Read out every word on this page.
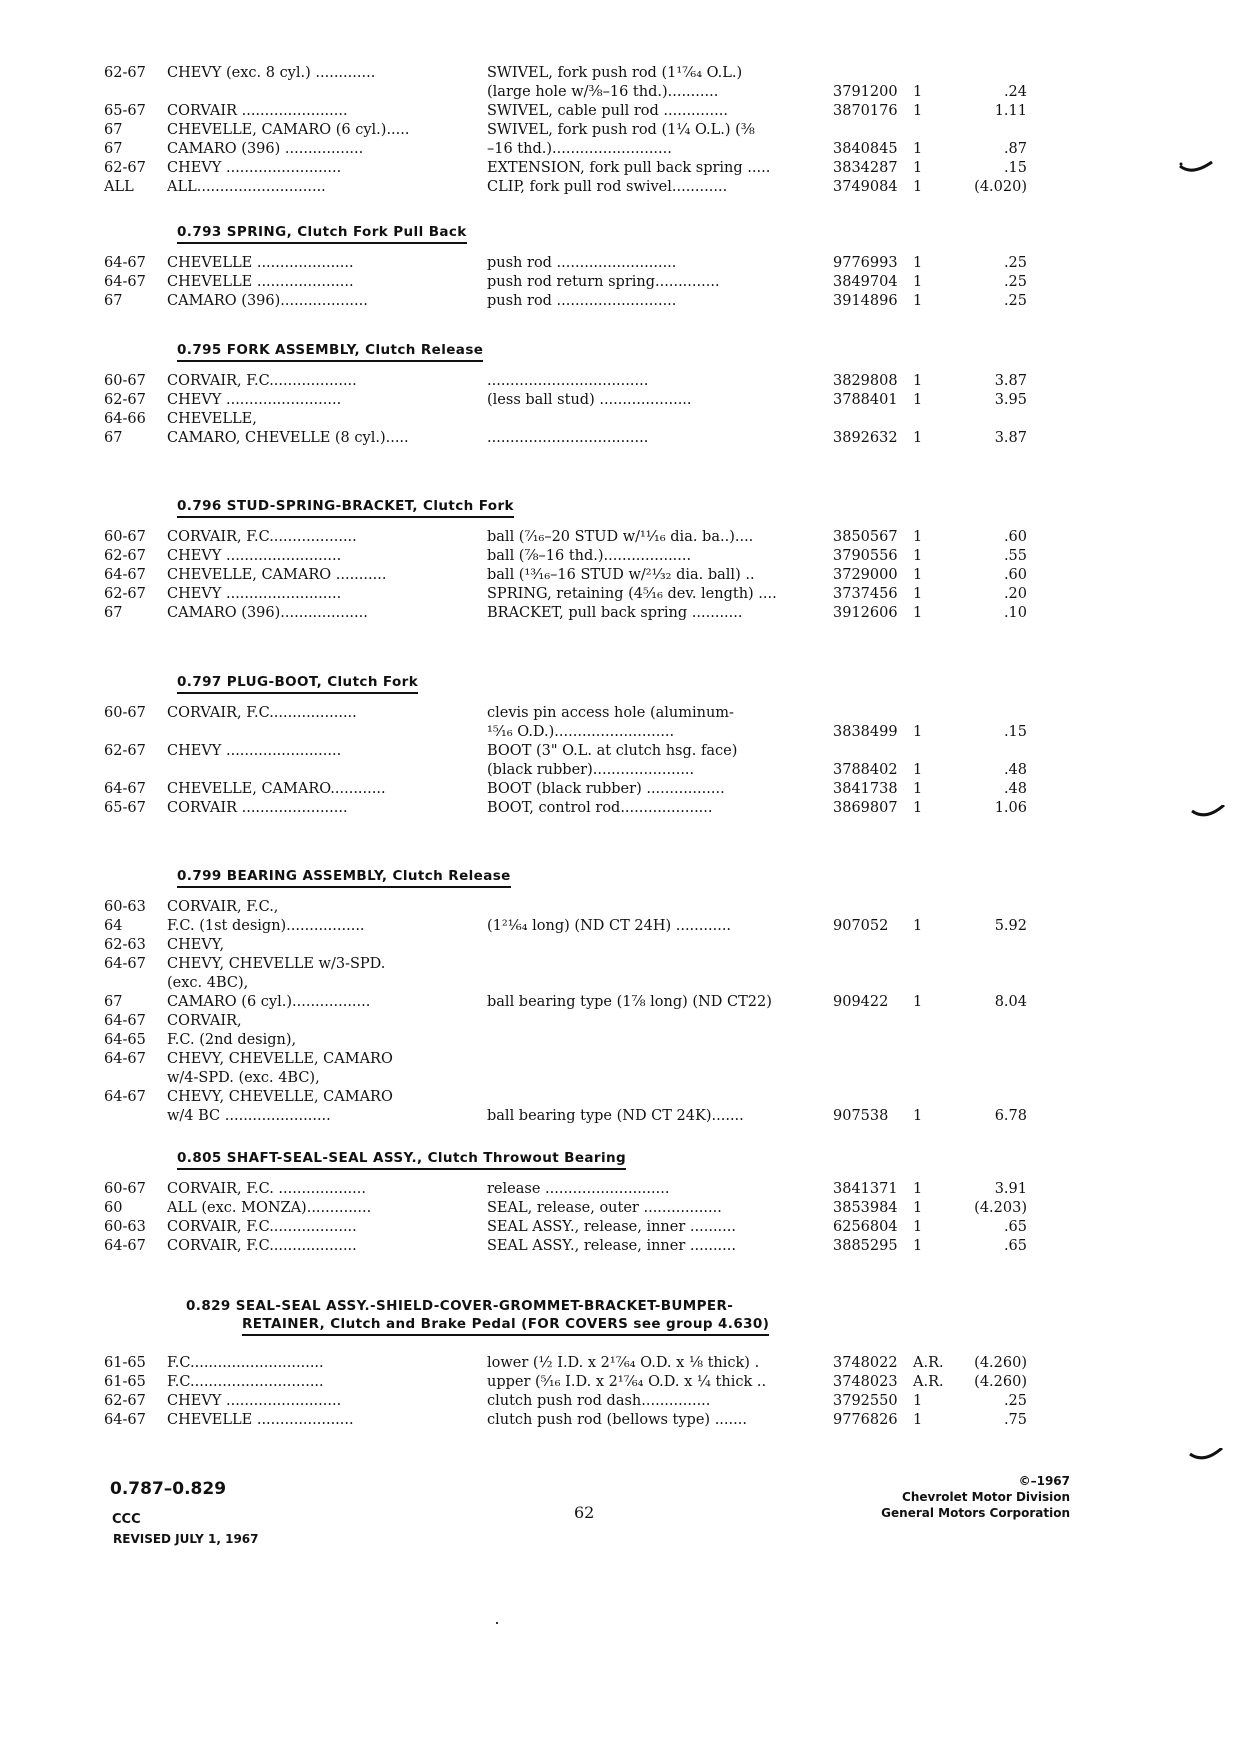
62-67 CHEVY (exc. 8 cyl.) .............	SWIVEL, fork push rod (1¹⁷⁄₆₄ O.L.)
(large hole w/⅜–16 thd.)...........	3791200 1	.24
65-67 CORVAIR .......................	SWIVEL, cable pull rod ..............	3870176 1	1.11
67	CHEVELLE, CAMARO (6 cyl.).....	SWIVEL, fork push rod (1¼ O.L.) (⅜
67	CAMARO (396) .................	–16 thd.)..........................	3840845 1	.87
62-67 CHEVY .........................	EXTENSION, fork pull back spring .....	3834287 1	.15
ALL ALL............................	CLIP, fork pull rod swivel............	3749084 1	(4.020)
0.793 SPRING, Clutch Fork Pull Back
64-67 CHEVELLE .....................	push rod ..........................	9776993 1	.25
64-67 CHEVELLE .....................	push rod return spring..............	3849704 1	.25
67	CAMARO (396)...................	push rod ..........................	3914896 1	.25
0.795 FORK ASSEMBLY, Clutch Release
60-67 CORVAIR, F.C...................	...................................	3829808 1	3.87
62-67 CHEVY .........................	(less ball stud) ....................	3788401 1	3.95
64-66 CHEVELLE,
67	CAMARO, CHEVELLE (8 cyl.).....	...................................	3892632 1	3.87
0.796 STUD-SPRING-BRACKET, Clutch Fork
60-67 CORVAIR, F.C...................	ball (⁷⁄₁₆–20 STUD w/¹¹⁄₁₆ dia. ba..)....	3850567 1	.60
62-67 CHEVY .........................	ball (⅞–16 thd.)...................	3790556 1	.55
64-67 CHEVELLE, CAMARO ...........	ball (¹³⁄₁₆–16 STUD w/²¹⁄₃₂ dia. ball) ..	3729000 1	.60
62-67 CHEVY .........................	SPRING, retaining (4⁵⁄₁₆ dev. length) ....	3737456 1	.20
67	CAMARO (396)...................	BRACKET, pull back spring ...........	3912606 1	.10
0.797 PLUG-BOOT, Clutch Fork
60-67 CORVAIR, F.C...................	clevis pin access hole (aluminum-
¹⁵⁄₁₆ O.D.)..........................	3838499 1	.15
62-67 CHEVY .........................	BOOT (3" O.L. at clutch hsg. face)
(black rubber)......................	3788402 1	.48
64-67 CHEVELLE, CAMARO............	BOOT (black rubber) .................	3841738 1	.48
65-67 CORVAIR .......................	BOOT, control rod....................	3869807 1	1.06
0.799 BEARING ASSEMBLY, Clutch Release
60-63 CORVAIR, F.C.,
64	F.C. (1st design).................	(1²¹⁄₆₄ long) (ND CT 24H) ............	907052 1	5.92
62-63 CHEVY,
64-67 CHEVY, CHEVELLE w/3-SPD.
(exc. 4BC),
67	CAMARO (6 cyl.).................	ball bearing type (1⅞ long) (ND CT22)	909422 1	8.04
64-67 CORVAIR,
64-65 F.C. (2nd design),
64-67 CHEVY, CHEVELLE, CAMARO
w/4-SPD. (exc. 4BC),
64-67 CHEVY, CHEVELLE, CAMARO
w/4 BC .......................	ball bearing type (ND CT 24K).......	907538 1	6.78
0.805 SHAFT-SEAL-SEAL ASSY., Clutch Throwout Bearing
60-67 CORVAIR, F.C. ...................	release ...........................	3841371 1	3.91
60	ALL (exc. MONZA)..............	SEAL, release, outer .................	3853984 1	(4.203)
60-63 CORVAIR, F.C...................	SEAL ASSY., release, inner ..........	6256804 1	.65
64-67 CORVAIR, F.C...................	SEAL ASSY., release, inner ..........	3885295 1	.65
0.829 SEAL-SEAL ASSY.-SHIELD-COVER-GROMMET-BRACKET-BUMPER-
RETAINER, Clutch and Brake Pedal (FOR COVERS see group 4.630)
61-65 F.C.............................	lower (½ I.D. x 2¹⁷⁄₆₄ O.D. x ⅛ thick) .	3748022 A.R.	(4.260)
61-65 F.C.............................	upper (⁵⁄₁₆ I.D. x 2¹⁷⁄₆₄ O.D. x ¼ thick ..	3748023 A.R.	(4.260)
62-67 CHEVY .........................	clutch push rod dash...............	3792550 1	.25
64-67 CHEVELLE .....................	clutch push rod (bellows type) .......	9776826 1	.75
0.787–0.829
CCC
REVISED JULY 1, 1967
62
©–1967
Chevrolet Motor Division
General Motors Corporation
